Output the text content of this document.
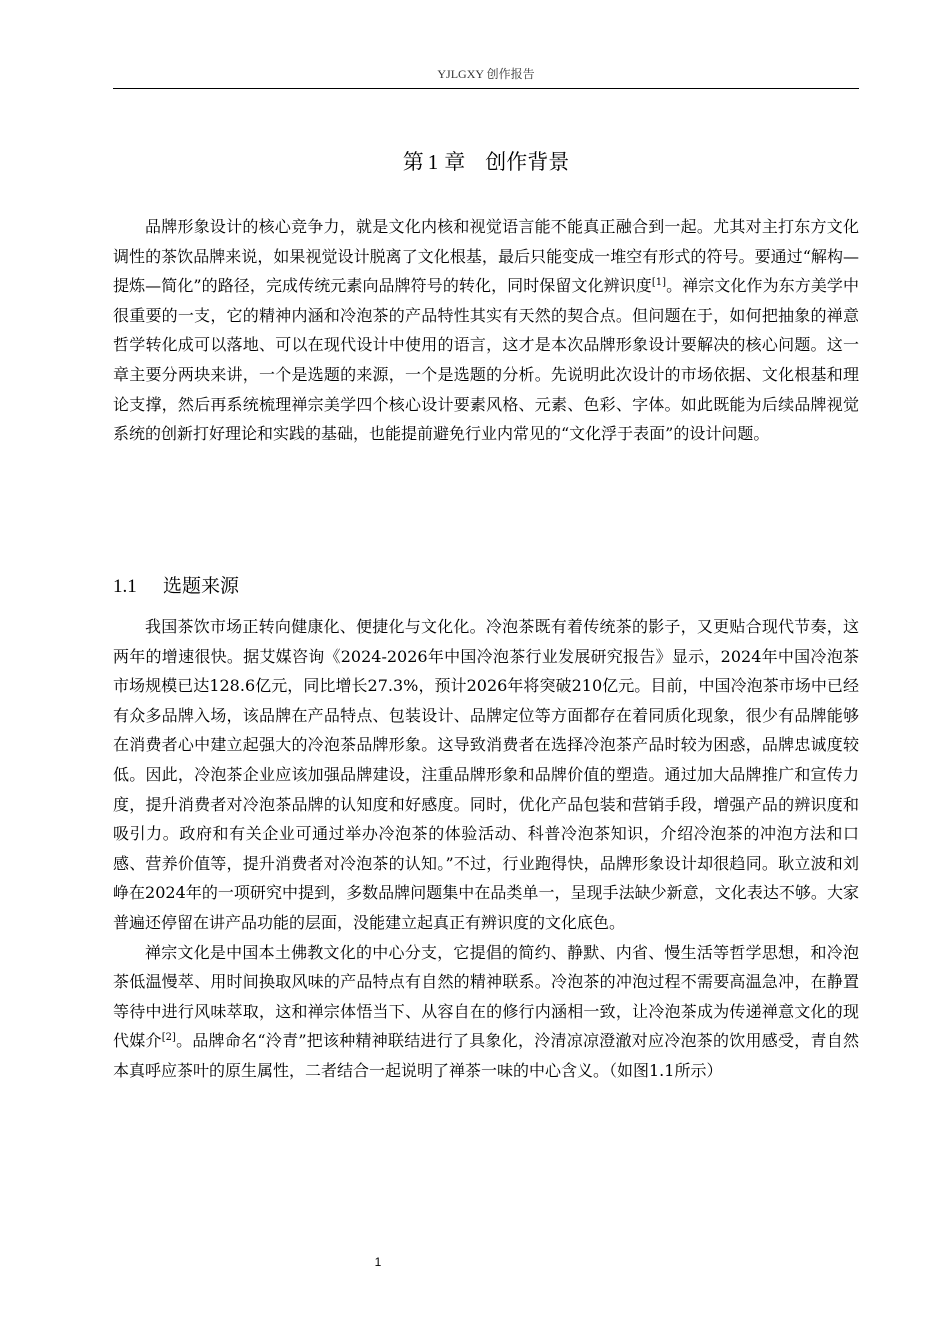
YJLGXY 创作报告
第 1 章 创作背景

品牌形象设计的核心竞争力，就是文化内核和视觉语言能不能真正融合到一起。尤其对主打东方文化调性的茶饮品牌来说，如果视觉设计脱离了文化根基，最后只能变成一堆空有形式的符号。要通过“解构—提炼—简化”的路径，完成传统元素向品牌符号的转化，同时保留文化辨识度[1]。禅宗文化作为东方美学中很重要的一支，它的精神内涵和冷泡茶的产品特性其实有天然的契合点。但问题在于，如何把抽象的禅意哲学转化成可以落地、可以在现代设计中使用的语言，这才是本次品牌形象设计要解决的核心问题。这一章主要分两块来讲，一个是选题的来源，一个是选题的分析。先说明此次设计的市场依据、文化根基和理论支撑，然后再系统梳理禅宗美学四个核心设计要素风格、元素、色彩、字体。如此既能为后续品牌视觉系统的创新打好理论和实践的基础，也能提前避免行业内常见的“文化浮于表面”的设计问题。

1.1 选题来源

我国茶饮市场正转向健康化、便捷化与文化化。冷泡茶既有着传统茶的影子，又更贴合现代节奏，这两年的增速很快。据艾媒咨询《2024-2026年中国冷泡茶行业发展研究报告》显示，2024年中国冷泡茶市场规模已达128.6亿元，同比增长27.3%，预计2026年将突破210亿元。目前，中国冷泡茶市场中已经有众多品牌入场，该品牌在产品特点、包装设计、品牌定位等方面都存在着同质化现象，很少有品牌能够在消费者心中建立起强大的冷泡茶品牌形象。这导致消费者在选择冷泡茶产品时较为困惑，品牌忠诚度较低。因此，冷泡茶企业应该加强品牌建设，注重品牌形象和品牌价值的塑造。通过加大品牌推广和宣传力度，提升消费者对冷泡茶品牌的认知度和好感度。同时，优化产品包装和营销手段，增强产品的辨识度和吸引力。政府和有关企业可通过举办冷泡茶的体验活动、科普冷泡茶知识，介绍冷泡茶的冲泡方法和口感、营养价值等，提升消费者对冷泡茶的认知。”不过，行业跑得快，品牌形象设计却很趋同。耿立波和刘峥在2024年的一项研究中提到，多数品牌问题集中在品类单一，呈现手法缺少新意，文化表达不够。大家普遍还停留在讲产品功能的层面，没能建立起真正有辨识度的文化底色。

禅宗文化是中国本土佛教文化的中心分支，它提倡的简约、静默、内省、慢生活等哲学思想，和冷泡茶低温慢萃、用时间换取风味的产品特点有自然的精神联系。冷泡茶的冲泡过程不需要高温急冲，在静置等待中进行风味萃取，这和禅宗体悟当下、从容自在的修行内涵相一致，让冷泡茶成为传递禅意文化的现代媒介[2]。品牌命名“泠青”把该种精神联结进行了具象化，泠清凉凉澄澈对应冷泡茶的饮用感受，青自然本真呼应茶叶的原生属性，二者结合一起说明了禅茶一味的中心含义。（如图1.1所示）

1
